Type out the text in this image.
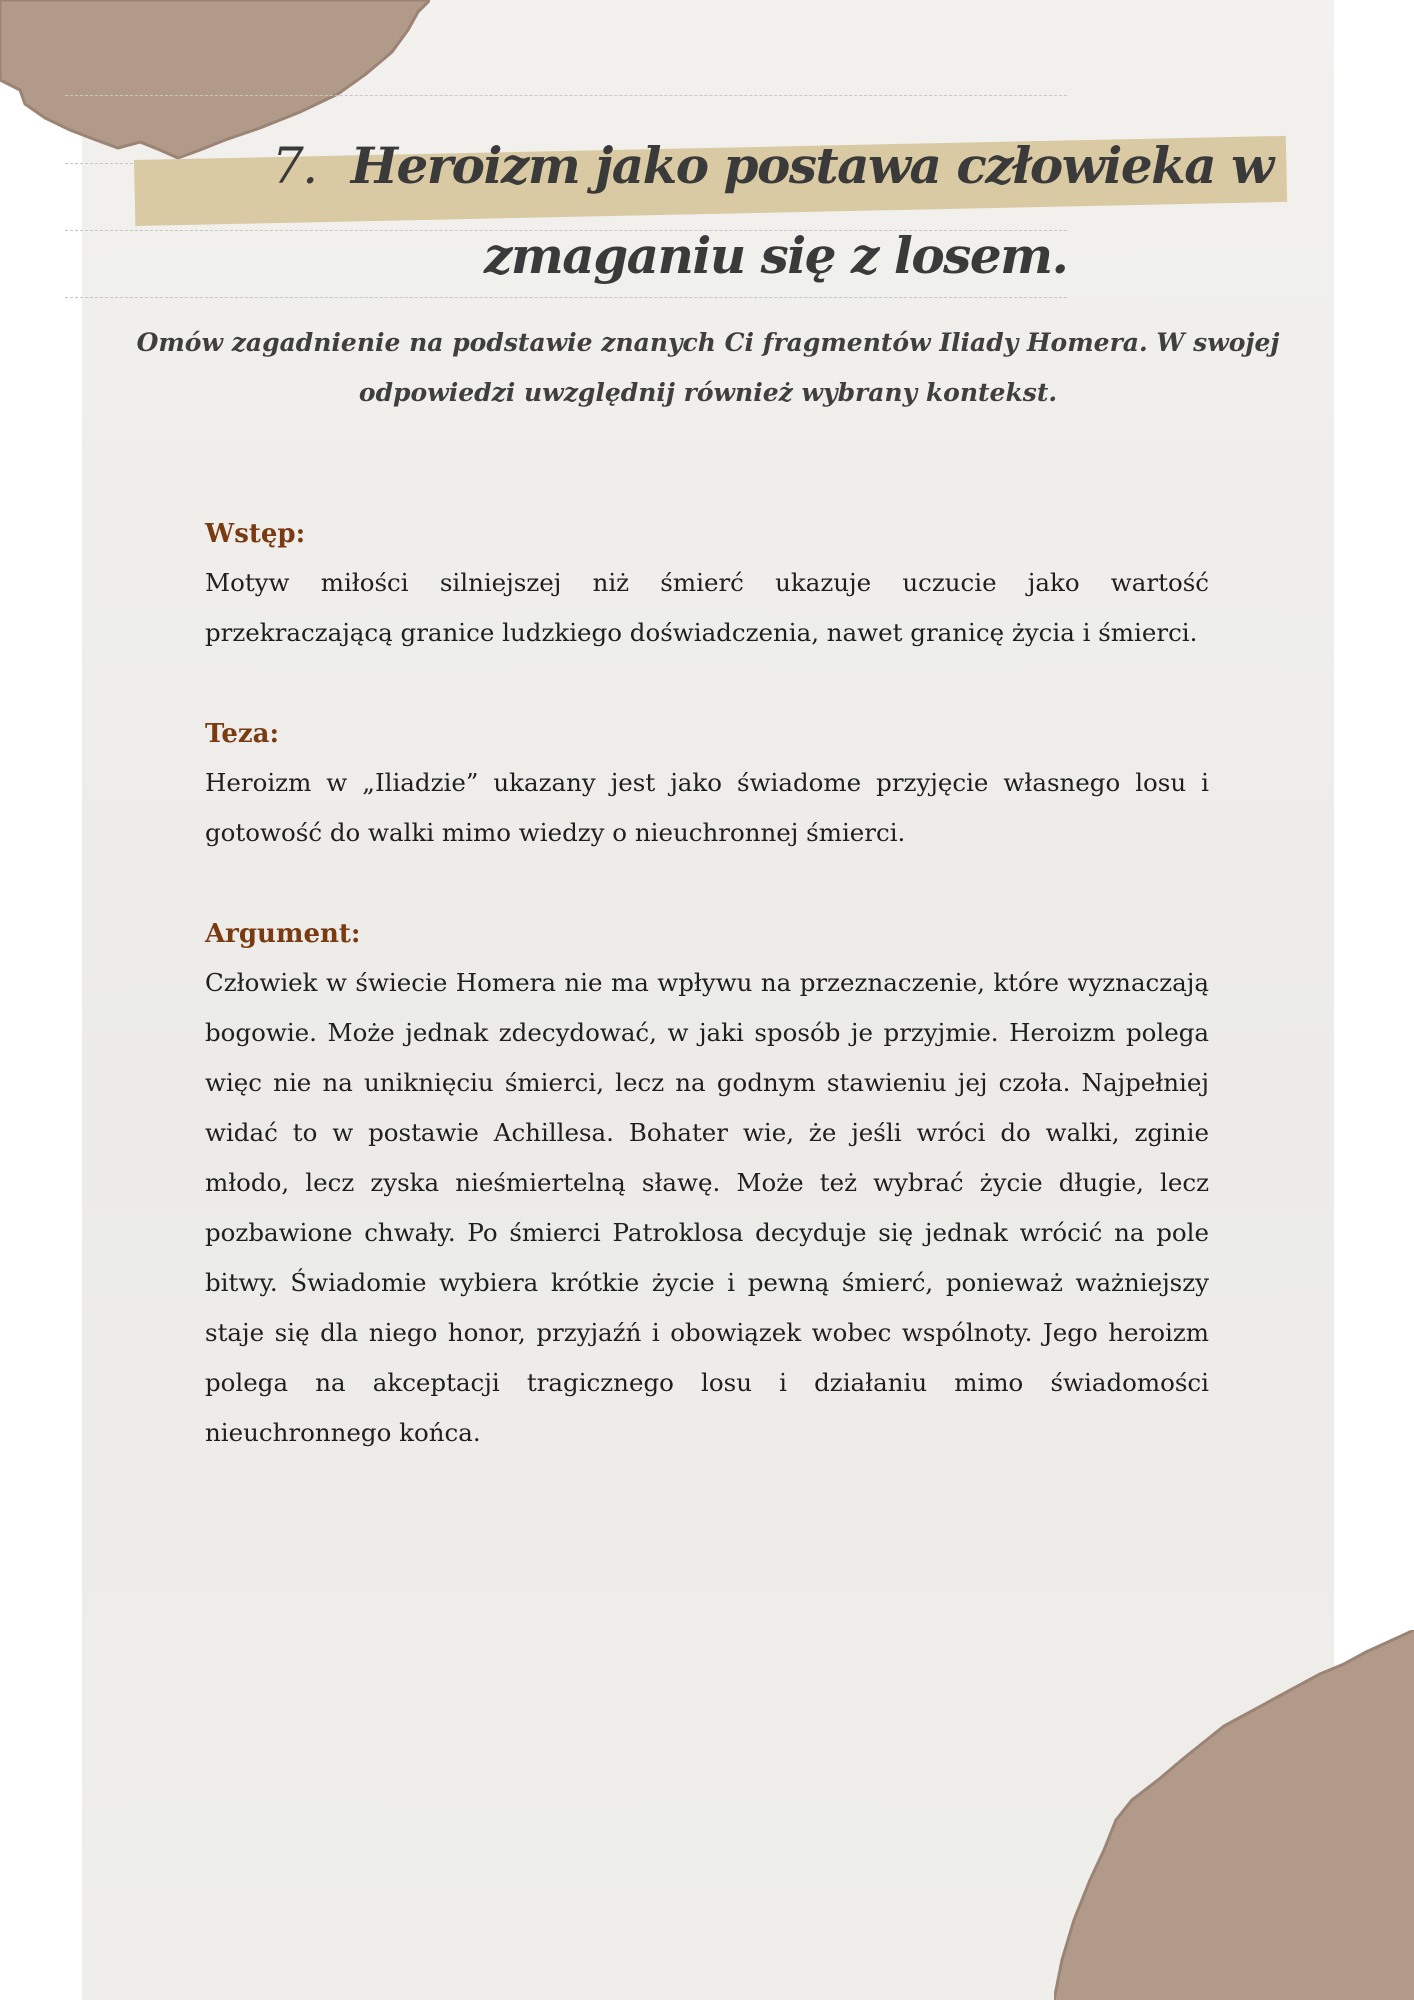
7. Heroizm jako postawa człowieka w
zmaganiu się z losem.

Omów zagadnienie na podstawie znanych Ci fragmentów Iliady Homera. W swojej odpowiedzi uwzględnij również wybrany kontekst.

Wstęp:

Motyw miłości silniejszej niż śmierć ukazuje uczucie jako wartość przekraczającą granice ludzkiego doświadczenia, nawet granicę życia i śmierci.

Teza:

Heroizm w „Iliadzie” ukazany jest jako świadome przyjęcie własnego losu i gotowość do walki mimo wiedzy o nieuchronnej śmierci.

Argument:

Człowiek w świecie Homera nie ma wpływu na przeznaczenie, które wyznaczają bogowie. Może jednak zdecydować, w jaki sposób je przyjmie. Heroizm polega więc nie na uniknięciu śmierci, lecz na godnym stawieniu jej czoła. Najpełniej widać to w postawie Achillesa. Bohater wie, że jeśli wróci do walki, zginie młodo, lecz zyska nieśmiertelną sławę. Może też wybrać życie długie, lecz pozbawione chwały. Po śmierci Patroklosa decyduje się jednak wrócić na pole bitwy. Świadomie wybiera krótkie życie i pewną śmierć, ponieważ ważniejszy staje się dla niego honor, przyjaźń i obowiązek wobec wspólnoty. Jego heroizm polega na akceptacji tragicznego losu i działaniu mimo świadomości nieuchronnego końca.
